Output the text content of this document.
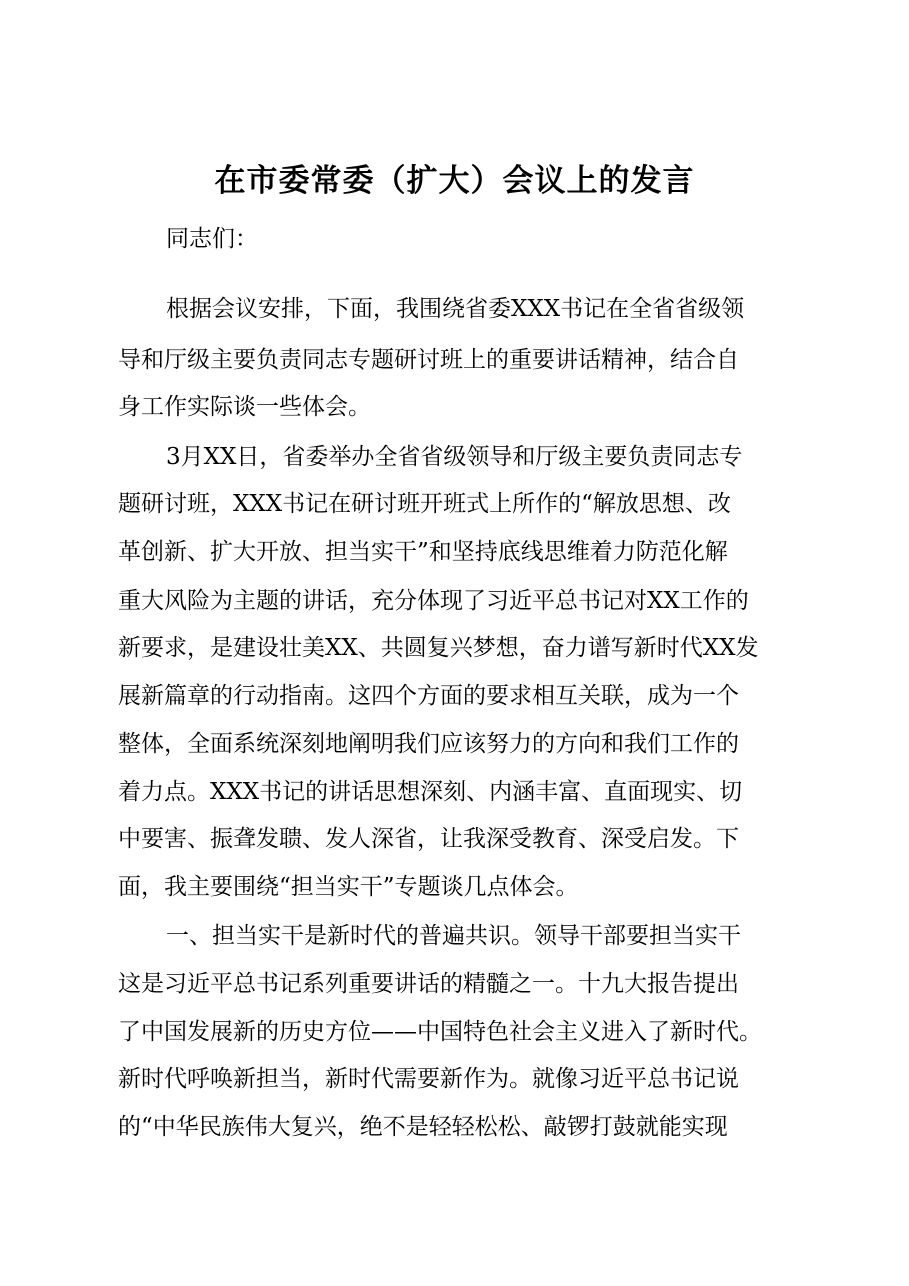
在市委常委（扩大）会议上的发言
同志们：
根据会议安排，下面，我围绕省委XXX书记在全省省级领
导和厅级主要负责同志专题研讨班上的重要讲话精神，结合自
身工作实际谈一些体会。
3月XX日，省委举办全省省级领导和厅级主要负责同志专
题研讨班，XXX书记在研讨班开班式上所作的“解放思想、改
革创新、扩大开放、担当实干”和坚持底线思维着力防范化解
重大风险为主题的讲话，充分体现了习近平总书记对XX工作的
新要求，是建设壮美XX、共圆复兴梦想，奋力谱写新时代XX发
展新篇章的行动指南。这四个方面的要求相互关联，成为一个
整体，全面系统深刻地阐明我们应该努力的方向和我们工作的
着力点。XXX书记的讲话思想深刻、内涵丰富、直面现实、切
中要害、振聋发聩、发人深省，让我深受教育、深受启发。下
面，我主要围绕“担当实干”专题谈几点体会。
一、担当实干是新时代的普遍共识。领导干部要担当实干
这是习近平总书记系列重要讲话的精髓之一。十九大报告提出
了中国发展新的历史方位——中国特色社会主义进入了新时代。
新时代呼唤新担当，新时代需要新作为。就像习近平总书记说
的“中华民族伟大复兴，绝不是轻轻松松、敲锣打鼓就能实现
